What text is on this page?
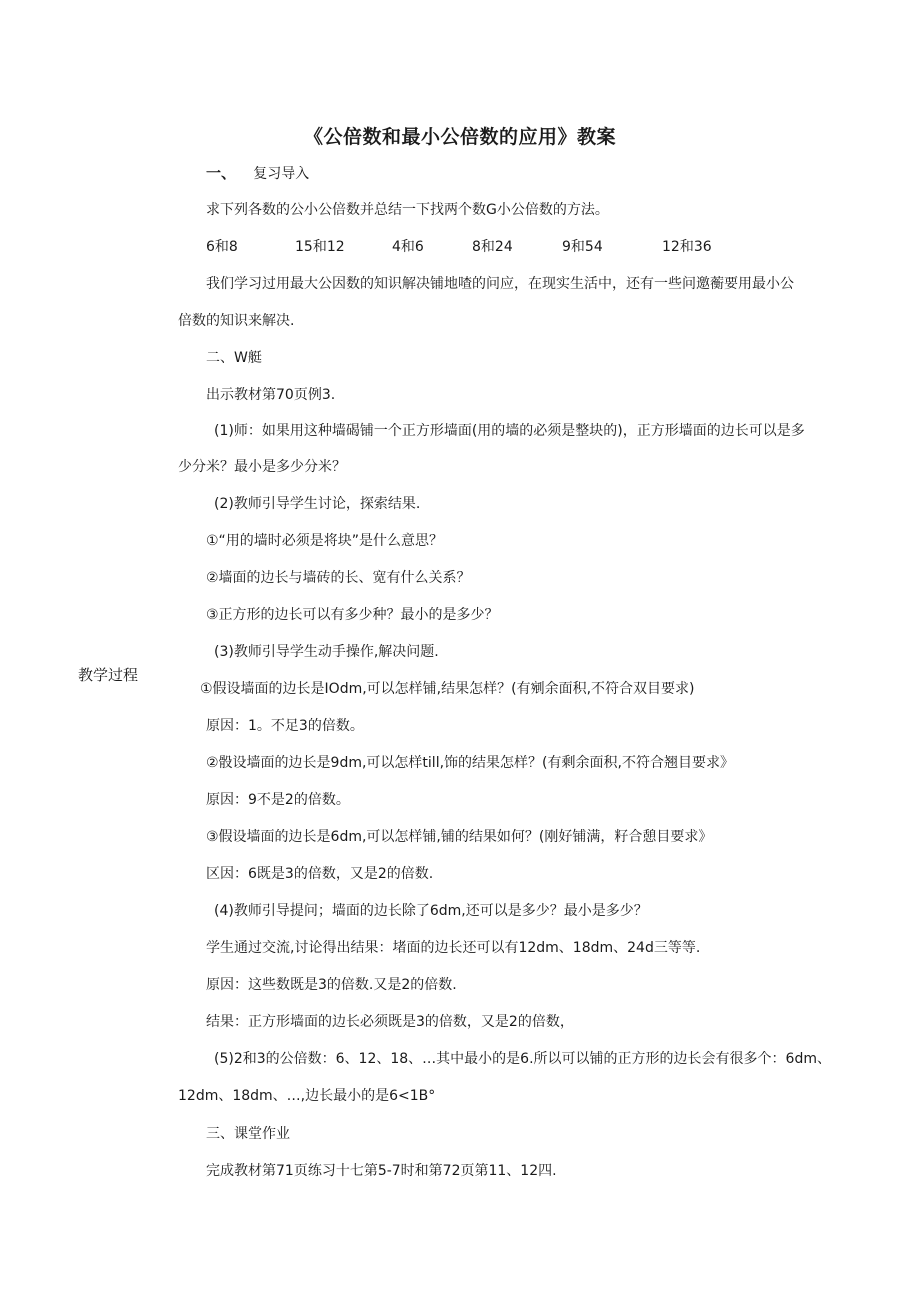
《公倍数和最小公倍数的应用》教案
教学过程
一、 复习导入
求下列各数的公小公倍数并总结一下找两个数G小公倍数的方法。
6和8	15和12	4和6	8和24	9和54	12和36
我们学习过用最大公因数的知识解决铺地喳的问应，在现实生活中，还有一些问邀蘅要用最小公
倍数的知识来解决.
二、W艇
出示教材第70页例3.
(1)师：如果用这种墙碣铺一个正方形墙面(用的墙的必须是整块的)，正方形墙面的边长可以是多
少分米？最小是多少分米？
(2)教师引导学生讨论，探索结果.
①“用的墙时必须是将块”是什么意思？
②墙面的边长与墙砖的长、宽有什么关系？
③正方形的边长可以有多少种？最小的是多少？
(3)教师引导学生动手操作,解决问题.
①假设墙面的边长是IOdm,可以怎样铺,结果怎样？(有剜余面积,不符合双目要求)
原因：1。不足3的倍数。
②骰设墙面的边长是9dm,可以怎样till,饰的结果怎样？(有剩余面积,不符合翘目要求》
原因：9不是2的倍数。
③假设墙面的边长是6dm,可以怎样铺,铺的结果如何？(刚好铺满，籽合憩目要求》
区因：6既是3的倍数，又是2的倍数.
(4)教师引导提问；墙面的边长除了6dm,还可以是多少？最小是多少？
学生通过交流,讨论得出结果：堵面的边长还可以有12dm、18dm、24d三等等.
原因：这些数既是3的倍数.又是2的倍数.
结果：正方形墙面的边长必须既是3的倍数，又是2的倍数，
(5)2和3的公倍数：6、12、18、…其中最小的是6.所以可以铺的正方形的边长会有很多个：6dm、
12dm、18dm、…,边长最小的是6<1B°
三、课堂作业
完成教材第71页练习十七第5-7时和第72页第11、12四.
